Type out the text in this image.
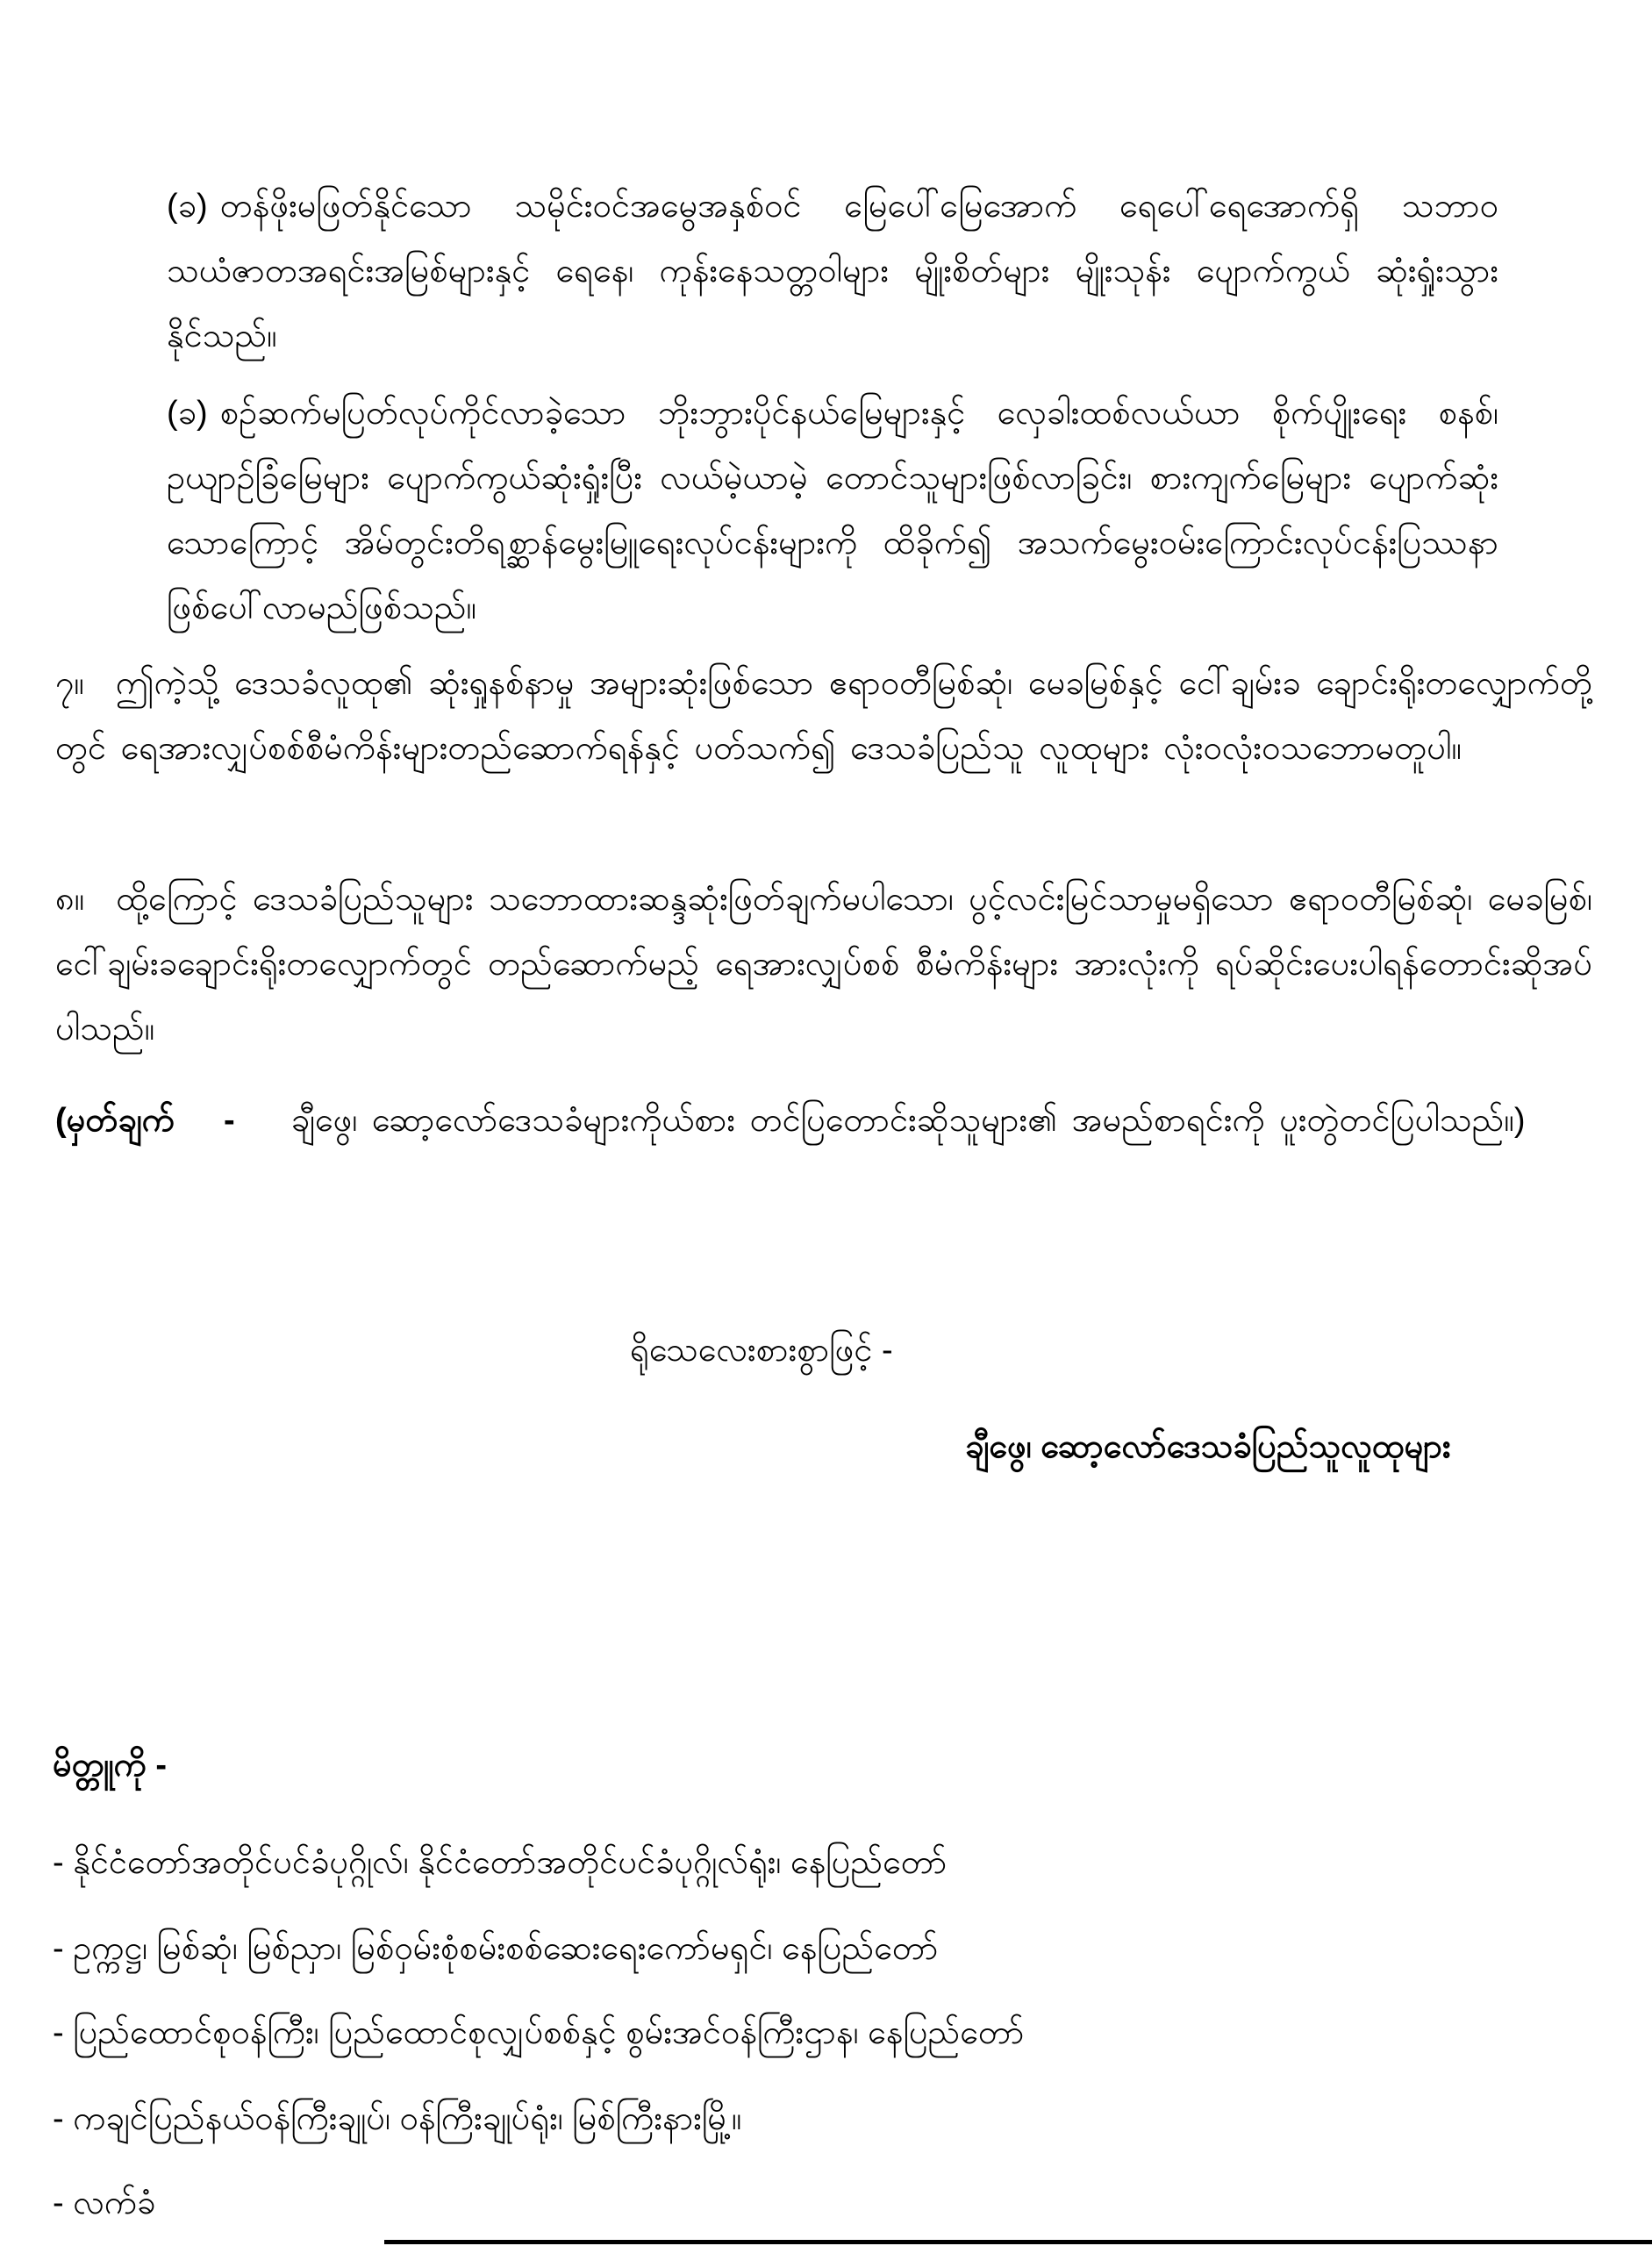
(ခ) တန်ဖိုးမဖြတ်နိုင်သော သမိုင်းဝင်အမွေအနှစ်ဝင် မြေပေါ်မြေအောက် ရေပေါ်ရေအောက်ရှိ သဘာဝ သယံဇာတအရင်းအမြစ်များနှင့် ရေနေ၊ ကုန်းနေသတ္တဝါများ မျိုးစိတ်များ မျိုးသုန်း ပျောက်ကွယ် ဆုံးရှုံးသွားနိုင်သည်။

(ခ) စဉ်ဆက်မပြတ်လုပ်ကိုင်လာခဲ့သော ဘိုးဘွားပိုင်နယ်မြေများနှင့် လှေခါးထစ်လယ်ယာ စိုက်ပျိုးရေး စနစ်၊ ဥယျာဉ်ခြံမြေများ ပျောက်ကွယ်ဆုံးရှုံးပြီး လယ်မဲ့ယာမဲ့ တောင်သူများဖြစ်လာခြင်း၊ စားကျက်မြေများ ပျောက်ဆုံးသောကြောင့် အိမ်တွင်းတိရစ္ဆာန်မွေးမြူရေးလုပ်ငန်းများကို ထိခိုက်၍ အသက်မွေးဝမ်းကြောင်းလုပ်ငန်းပြဿနာ ဖြစ်ပေါ်လာမည်ဖြစ်သည်။

၇။ ဤကဲ့သို့ ဒေသခံလူထု၏ ဆုံးရှုနစ်နာမှု အများဆုံးဖြစ်သော ဧရာဝတီမြစ်ဆုံ၊ မေခမြစ်နှင့် ငေါ်ချမ်းခ ချောင်းရိုးတလျှောက်တို့တွင် ရေအားလျှပ်စစ်စီမံကိန်းများတည်ဆောက်ရန်နှင့် ပတ်သက်၍ ဒေသခံပြည်သူ လူထုများ လုံးဝလုံးဝသဘောမတူပါ။

၈။ ထို့ကြောင့် ဒေသခံပြည်သူများ သဘောထားဆန္ဒဆုံးဖြတ်ချက်မပါသော၊ ပွင့်လင်းမြင်သာမှုမရှိသော ဧရာဝတီမြစ်ဆုံ၊ မေခမြစ်၊ ငေါ်ချမ်းခချောင်းရိုးတလျှောက်တွင် တည်ဆောက်မည့် ရေအားလျှပ်စစ် စီမံကိန်းများ အားလုံးကို ရပ်ဆိုင်းပေးပါရန်တောင်းဆိုအပ်ပါသည်။

(မှတ်ချက် - ချီဖွေ၊ ဆော့လော်ဒေသခံများကိုယ်စား တင်ပြတောင်းဆိုသူများ၏ အမည်စာရင်းကို ပူးတွဲတင်ပြပါသည်။)

ရိုသေလေးစားစွာဖြင့် -

ချီဖွေ၊ ဆော့လော်ဒေသခံပြည်သူလူထုများ

မိတ္တူကို -

- နိုင်ငံတော်အတိုင်ပင်ခံပုဂ္ဂိုလ်၊ နိုင်ငံတော်အတိုင်ပင်ခံပုဂ္ဂိုလ်ရုံး၊ နေပြည်တော်

- ဥက္ကဋ္ဌ၊ မြစ်ဆုံ၊ မြစ်ညှာ၊ မြစ်ဝှမ်းစုံစမ်းစစ်ဆေးရေးကော်မရှင်၊ နေပြည်တော်

- ပြည်ထောင်စုဝန်ကြီး၊ ပြည်ထောင်စုလျှပ်စစ်နှင့် စွမ်းအင်ဝန်ကြီးဌာန၊ နေပြည်တော်

- ကချင်ပြည်နယ်ဝန်ကြီးချုပ်၊ ဝန်ကြီးချုပ်ရုံး၊ မြစ်ကြီးနားမြို့။

- လက်ခံ
